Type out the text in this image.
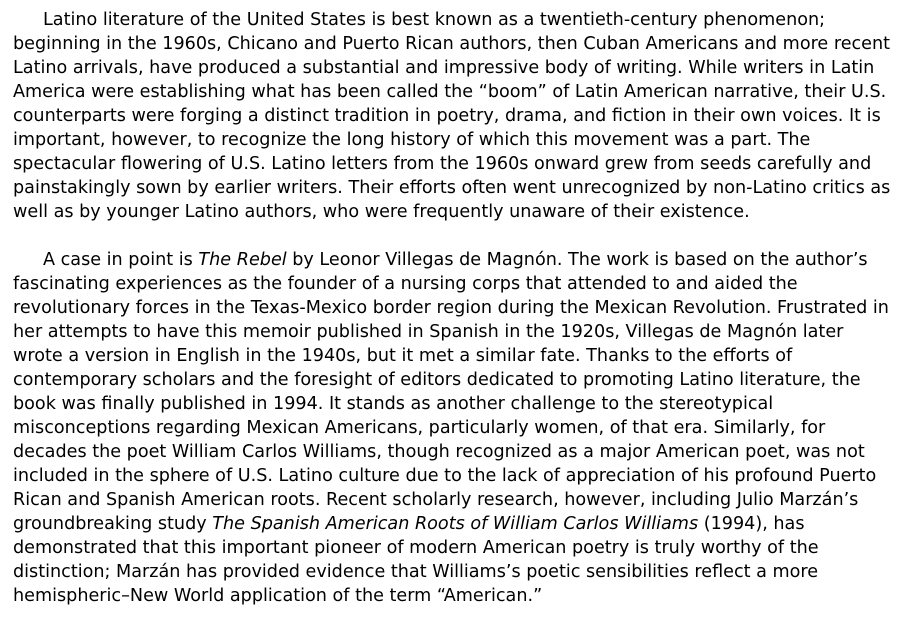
Latino literature of the United States is best known as a twentieth-century phenomenon; beginning in the 1960s, Chicano and Puerto Rican authors, then Cuban Americans and more recent Latino arrivals, have produced a substantial and impressive body of writing. While writers in Latin America were establishing what has been called the “boom” of Latin American narrative, their U.S. counterparts were forging a distinct tradition in poetry, drama, and fiction in their own voices. It is important, however, to recognize the long history of which this movement was a part. The spectacular flowering of U.S. Latino letters from the 1960s onward grew from seeds carefully and painstakingly sown by earlier writers. Their efforts often went unrecognized by non-Latino critics as well as by younger Latino authors, who were frequently unaware of their existence.

A case in point is The Rebel by Leonor Villegas de Magnón. The work is based on the author’s fascinating experiences as the founder of a nursing corps that attended to and aided the revolutionary forces in the Texas-Mexico border region during the Mexican Revolution. Frustrated in her attempts to have this memoir published in Spanish in the 1920s, Villegas de Magnón later wrote a version in English in the 1940s, but it met a similar fate. Thanks to the efforts of contemporary scholars and the foresight of editors dedicated to promoting Latino literature, the book was finally published in 1994. It stands as another challenge to the stereotypical misconceptions regarding Mexican Americans, particularly women, of that era. Similarly, for decades the poet William Carlos Williams, though recognized as a major American poet, was not included in the sphere of U.S. Latino culture due to the lack of appreciation of his profound Puerto Rican and Spanish American roots. Recent scholarly research, however, including Julio Marzán’s groundbreaking study The Spanish American Roots of William Carlos Williams (1994), has demonstrated that this important pioneer of modern American poetry is truly worthy of the distinction; Marzán has provided evidence that Williams’s poetic sensibilities reflect a more hemispheric–New World application of the term “American.”
